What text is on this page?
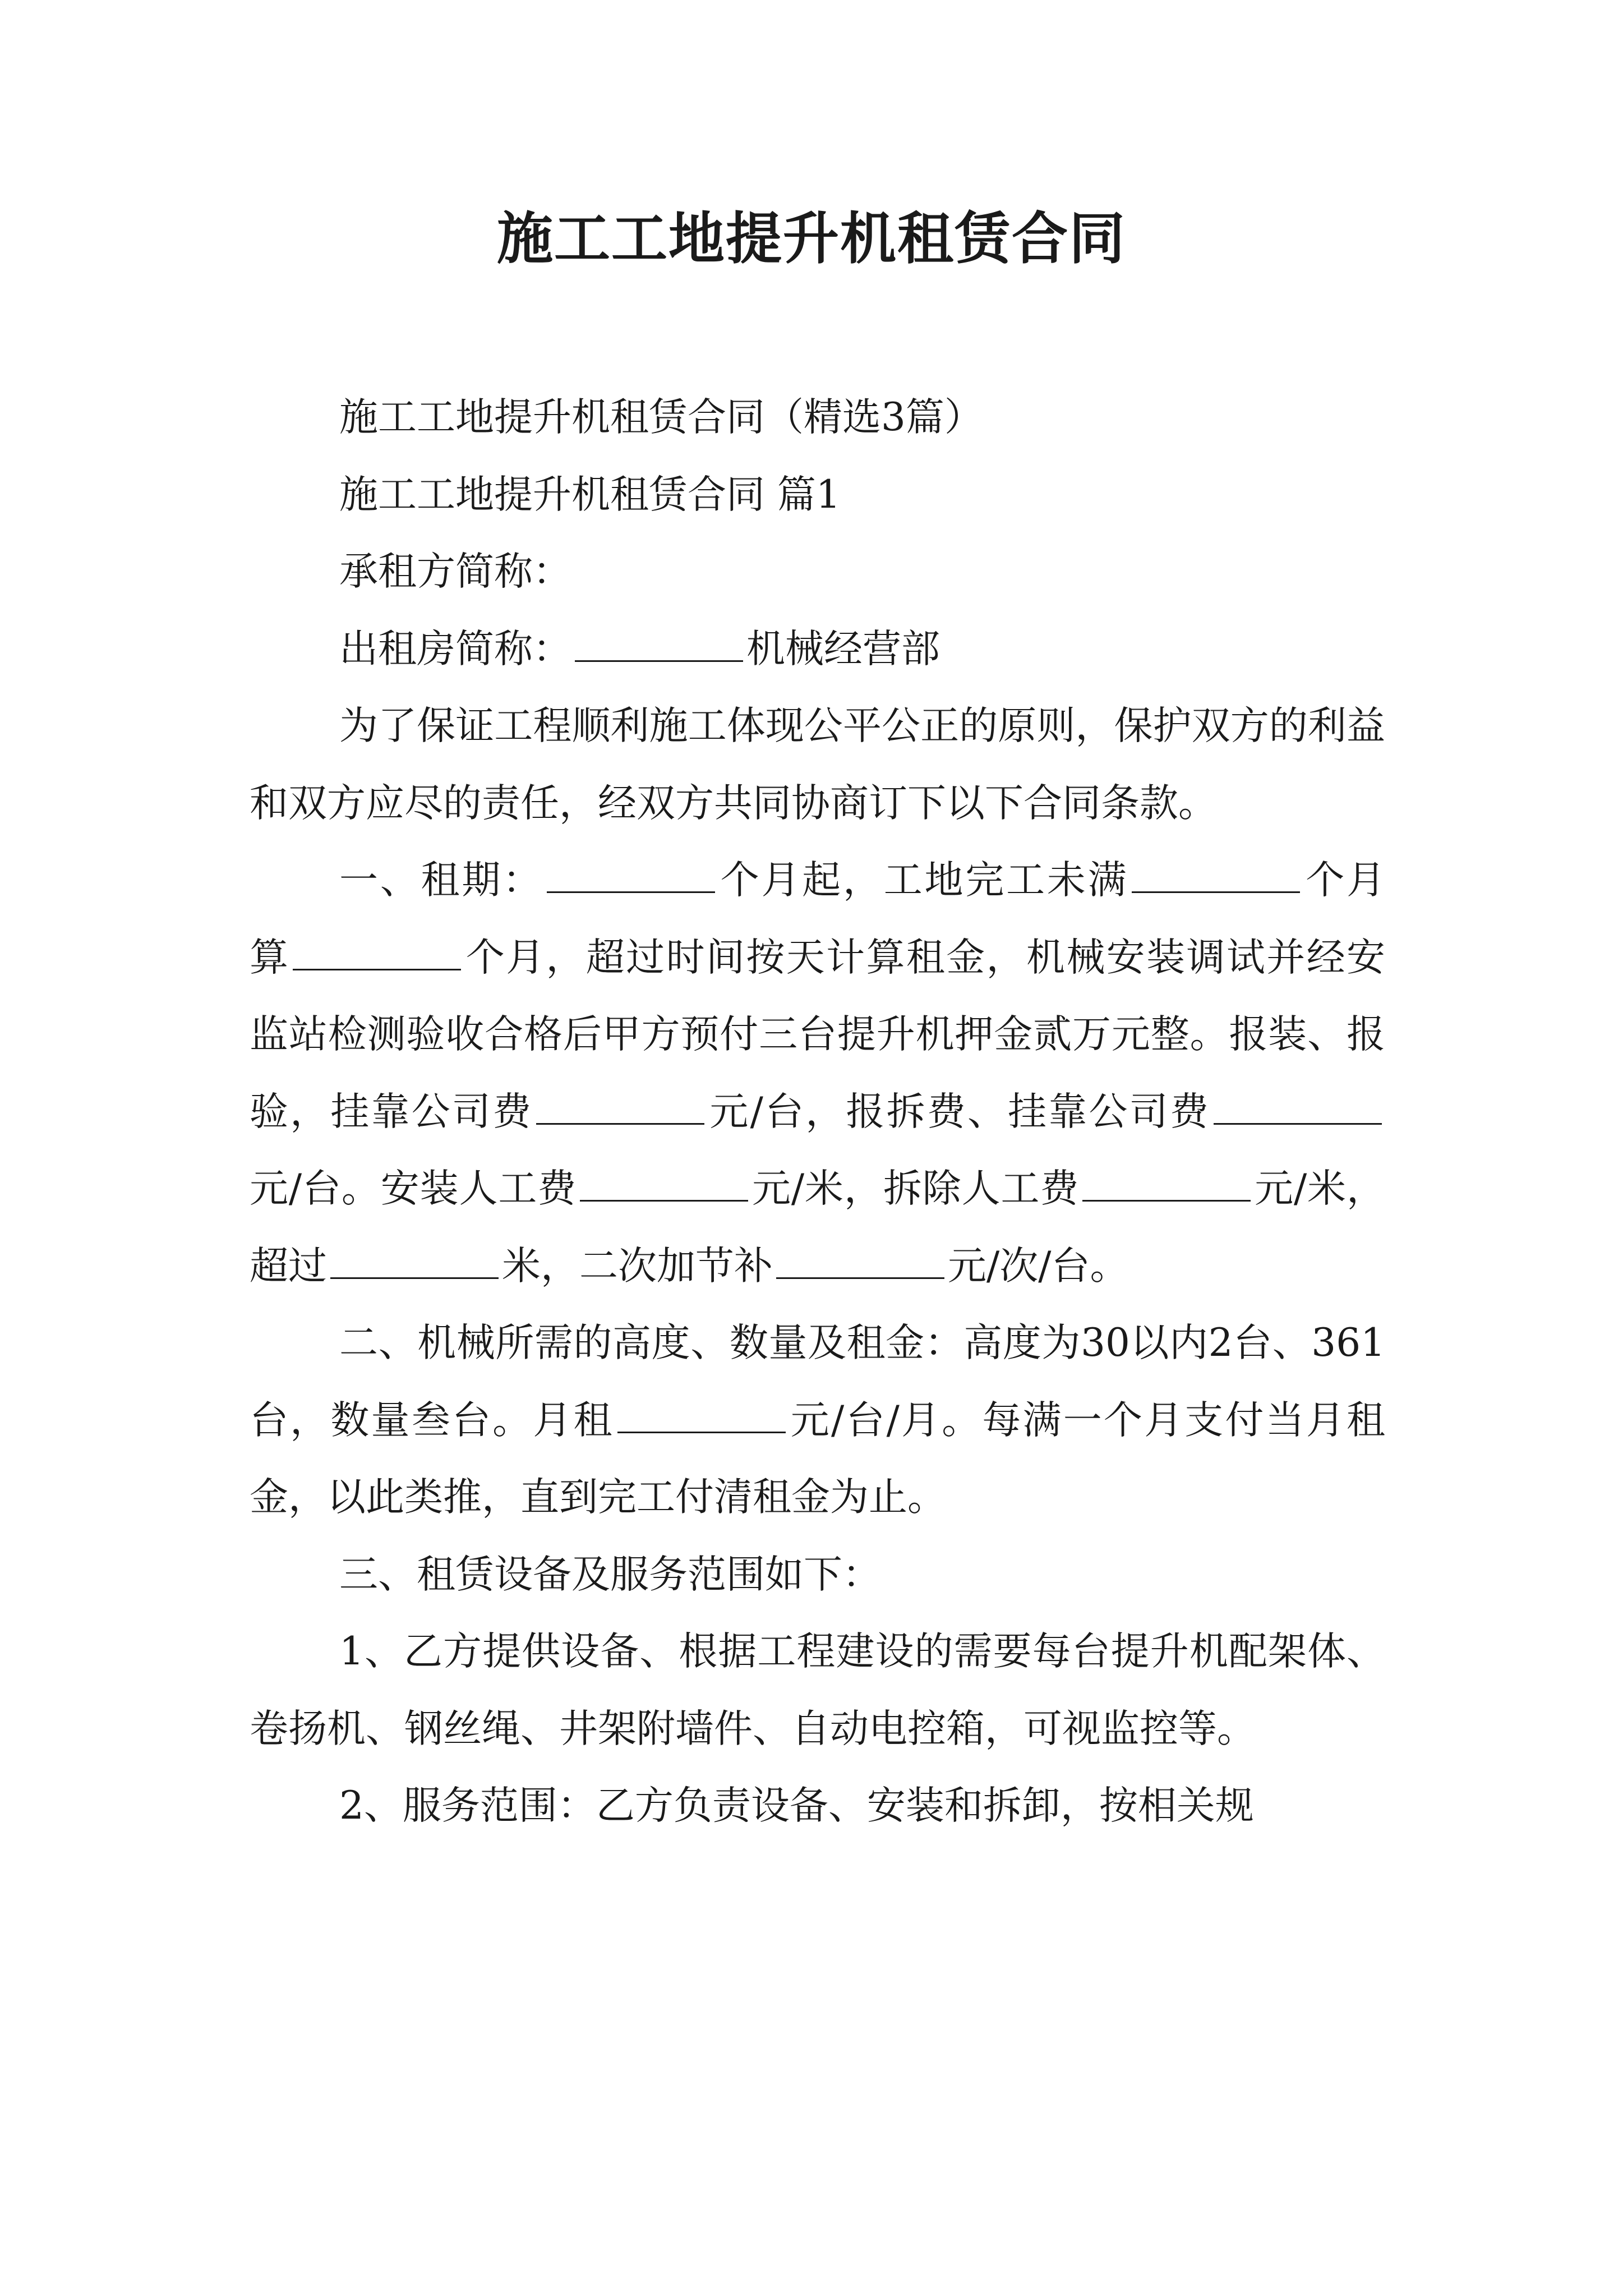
施工工地提升机租赁合同

施工工地提升机租赁合同（精选3篇）

施工工地提升机租赁合同 篇1

承租方简称：

出租房简称：	机械经营部

为了保证工程顺利施工体现公平公正的原则，保护双方的利益和双方应尽的责任，经双方共同协商订下以下合同条款。

一、租期：	个月起，工地完工未满	个月算	个月，超过时间按天计算租金，机械安装调试并经安监站检测验收合格后甲方预付三台提升机押金贰万元整。报装、报验，挂靠公司费	元/台，报拆费、挂靠公司费元/台。安装人工费	元/米，拆除人工费	元/米，超过	米，二次加节补	元/次/台。

二、机械所需的高度、数量及租金：高度为30以内2台、361台，数量叁台。月租	元/台/月。每满一个月支付当月租金，以此类推，直到完工付清租金为止。

三、租赁设备及服务范围如下：

1、乙方提供设备、根据工程建设的需要每台提升机配架体、卷扬机、钢丝绳、井架附墙件、自动电控箱，可视监控等。

2、服务范围：乙方负责设备、安装和拆卸，按相关规
